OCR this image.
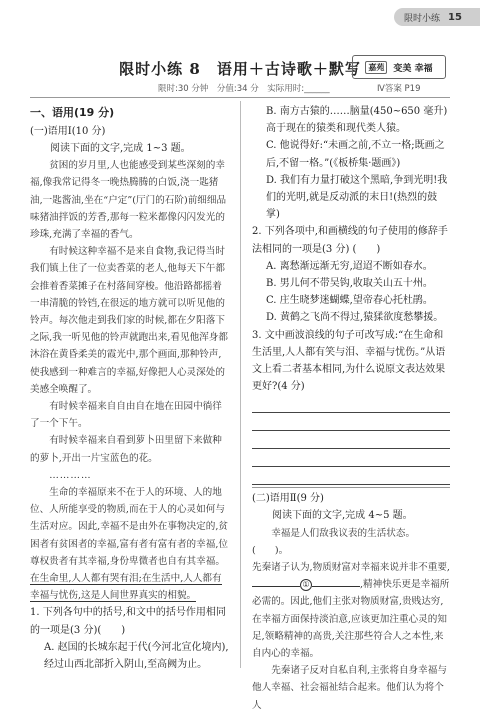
限时小练 15
限时小练 8　语用＋古诗歌＋默写 嘉苑	变美 幸福
限时:30 分钟　分值:34 分　实际用时:______	Ⅳ答案 P19

一、语用(19 分)

(一)语用Ⅰ(10 分)

阅读下面的文字,完成 1~3 题。

贫困的岁月里,人也能感受到某些深刻的幸福,像我常记得冬一晚热腾腾的白饭,浇一匙猪油,一匙酱油,坐在“户定”(厅门的石阶)前细细品味猪油拌饭的芳香,那每一粒米都像闪闪发光的珍珠,充满了幸福的香气。

有时候这种幸福不是来自食物,我记得当时我们镇上住了一位卖香菜的老人,他每天下午都会推着香菜摊子在村落间穿梭。他沿路都摇着一串清脆的铃铛,在很远的地方就可以听见他的铃声。每次他走到我们家的时候,都在夕阳落下之际,我一听见他的铃声就跑出来,看见他浑身都沐浴在黄昏柔美的霞光中,那个画面,那种铃声,使我感到一种难言的幸福,好像把人心灵深处的美感全唤醒了。

有时候幸福来自自由自在地在田园中徜徉了一个下午。

有时候幸福来自看到萝卜田里留下来做种的萝卜,开出一片宝蓝色的花。

…………

生命的幸福原来不在于人的环境、人的地位、人所能享受的物质,而在于人的心灵如何与生活对应。因此,幸福不是由外在事物决定的,贫困者有贫困者的幸福,富有者有富有者的幸福,位尊权贵者有其幸福,身份卑微者也自有其幸福。在生命里,人人都有哭有泪;在生活中,人人都有幸福与忧伤,这是人间世界真实的相貌。

1. 下列各句中的括号,和文中的括号作用相同的一项是(3 分)(　　)

A. 赵国的长城东起于代(今河北宣化境内),经过山西北部折入阴山,至高阙为止。

B. 南方古猿的……脑量(450~650 毫升)高于现在的猿类和现代类人猿。

C. 他说得好:“未画之前,不立一格;既画之后,不留一格。”(《板桥集·题画》)

D. 我们有力量打破这个黑暗,争到光明!我们的光明,就是反动派的末日!(热烈的鼓掌)

2. 下列各项中,和画横线的句子使用的修辞手法相同的一项是(3 分) (　　)

A. 离愁渐远渐无穷,迢迢不断如春水。

B. 男儿何不带吴钩,收取关山五十州。

C. 庄生晓梦迷蝴蝶,望帝春心托杜鹃。

D. 黄鹤之飞尚不得过,猿猱欲度愁攀援。

3. 文中画波浪线的句子可改写成:“在生命和生活里,人人都有笑与泪、幸福与忧伤。”从语文上看二者基本相同,为什么说原文表达效果更好?(4 分)

(二)语用Ⅱ(9 分)

阅读下面的文字,完成 4~5 题。

幸福是人们敌我议表的生活状态。(　　)。

先秦诸子认为,物质财富对幸福来说并非不重要,①	,精神快乐更是幸福所必需的。因此,他们主张对物质财富,贵贱达穷,在幸福方面保持淡泊意,应该更加注重心灵的知足,领略精神的高贵,关注那些符合人之本性,来自内心的幸福。

先秦诸子反对自私自利,主张将自身幸福与他人幸福、社会福祉结合起来。他们认为将个人
